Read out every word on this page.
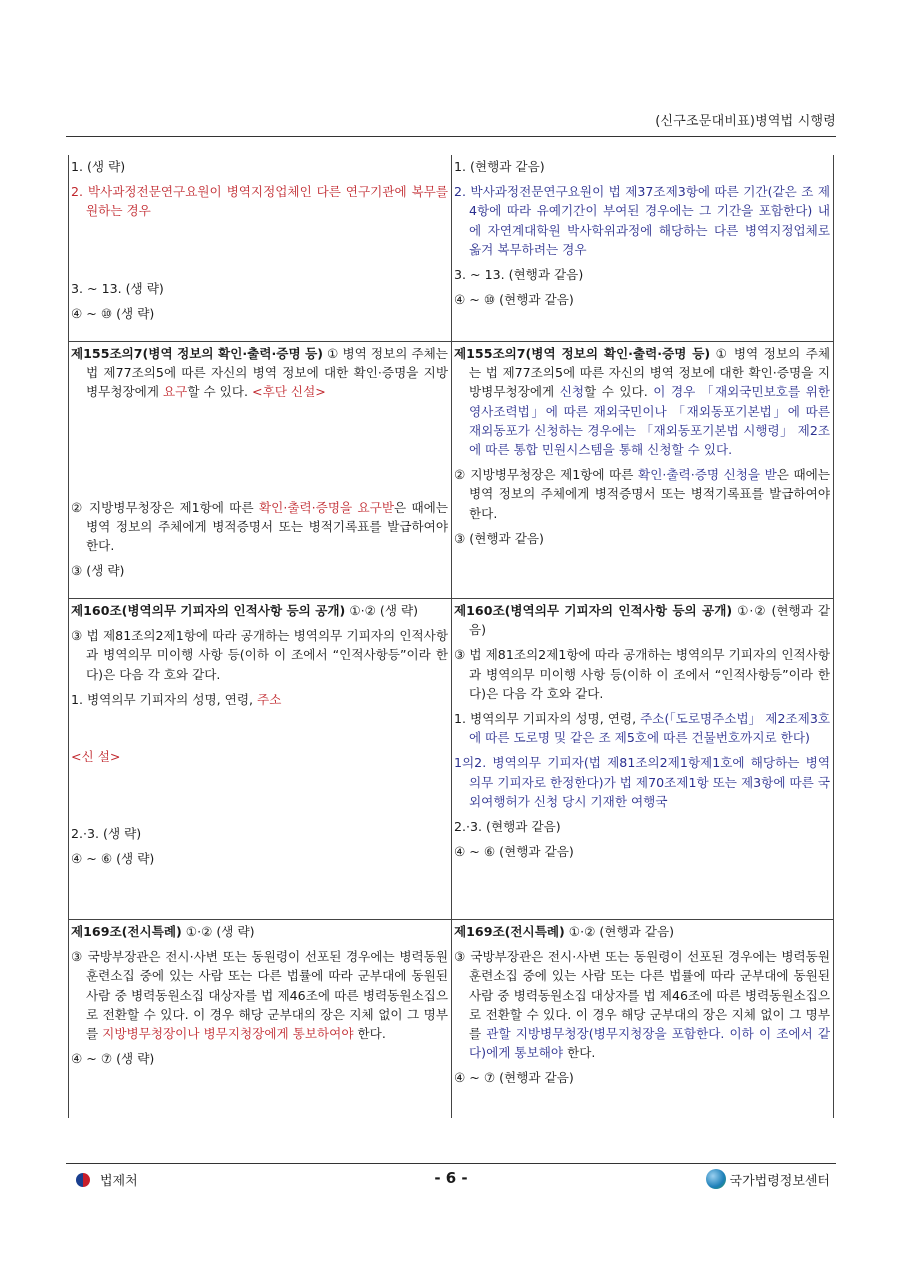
(신구조문대비표)병역법 시행령

1. (생 략)

2. 박사과정전문연구요원이 병역지정업체인 다른 연구기관에 복무를 원하는 경우

3. ~ 13. (생 략)

④ ~ ⑩ (생 략)

1. (현행과 같음)

2. 박사과정전문연구요원이 법 제37조제3항에 따른 기간(같은 조 제4항에 따라 유예기간이 부여된 경우에는 그 기간을 포함한다) 내에 자연계대학원 박사학위과정에 해당하는 다른 병역지정업체로 옮겨 복무하려는 경우

3. ~ 13. (현행과 같음)

④ ~ ⑩ (현행과 같음)

제155조의7(병역 정보의 확인·출력·증명 등) ① 병역 정보의 주체는 법 제77조의5에 따른 자신의 병역 정보에 대한 확인·증명을 지방병무청장에게 요구할 수 있다. <후단 신설>

② 지방병무청장은 제1항에 따른 확인·출력·증명을 요구받은 때에는 병역 정보의 주체에게 병적증명서 또는 병적기록표를 발급하여야 한다.

③ (생 략)

제155조의7(병역 정보의 확인·출력·증명 등) ① 병역 정보의 주체는 법 제77조의5에 따른 자신의 병역 정보에 대한 확인·증명을 지방병무청장에게 신청할 수 있다. 이 경우 「재외국민보호를 위한 영사조력법」에 따른 재외국민이나 「재외동포기본법」에 따른 재외동포가 신청하는 경우에는 「재외동포기본법 시행령」 제2조에 따른 통합 민원시스템을 통해 신청할 수 있다.

② 지방병무청장은 제1항에 따른 확인·출력·증명 신청을 받은 때에는 병역 정보의 주체에게 병적증명서 또는 병적기록표를 발급하여야 한다.

③ (현행과 같음)

제160조(병역의무 기피자의 인적사항 등의 공개) ①·② (생 략)

③ 법 제81조의2제1항에 따라 공개하는 병역의무 기피자의 인적사항과 병역의무 미이행 사항 등(이하 이 조에서 “인적사항등”이라 한다)은 다음 각 호와 같다.

1. 병역의무 기피자의 성명, 연령, 주소

<신 설>

2.·3. (생 략)

④ ~ ⑥ (생 략)

제160조(병역의무 기피자의 인적사항 등의 공개) ①·② (현행과 같음)

③ 법 제81조의2제1항에 따라 공개하는 병역의무 기피자의 인적사항과 병역의무 미이행 사항 등(이하 이 조에서 “인적사항등”이라 한다)은 다음 각 호와 같다.

1. 병역의무 기피자의 성명, 연령, 주소(「도로명주소법」 제2조제3호에 따른 도로명 및 같은 조 제5호에 따른 건물번호까지로 한다)

1의2. 병역의무 기피자(법 제81조의2제1항제1호에 해당하는 병역의무 기피자로 한정한다)가 법 제70조제1항 또는 제3항에 따른 국외여행허가 신청 당시 기재한 여행국

2.·3. (현행과 같음)

④ ~ ⑥ (현행과 같음)

제169조(전시특례) ①·② (생 략)

③ 국방부장관은 전시·사변 또는 동원령이 선포된 경우에는 병력동원훈련소집 중에 있는 사람 또는 다른 법률에 따라 군부대에 동원된 사람 중 병력동원소집 대상자를 법 제46조에 따른 병력동원소집으로 전환할 수 있다. 이 경우 해당 군부대의 장은 지체 없이 그 명부를 지방병무청장이나 병무지청장에게 통보하여야 한다.

④ ~ ⑦ (생 략)

제169조(전시특례) ①·② (현행과 같음)

③ 국방부장관은 전시·사변 또는 동원령이 선포된 경우에는 병력동원훈련소집 중에 있는 사람 또는 다른 법률에 따라 군부대에 동원된 사람 중 병력동원소집 대상자를 법 제46조에 따른 병력동원소집으로 전환할 수 있다. 이 경우 해당 군부대의 장은 지체 없이 그 명부를 관할 지방병무청장(병무지청장을 포함한다. 이하 이 조에서 같다)에게 통보해야 한다.

④ ~ ⑦ (현행과 같음)

법제처	- 6 -	국가법령정보센터
